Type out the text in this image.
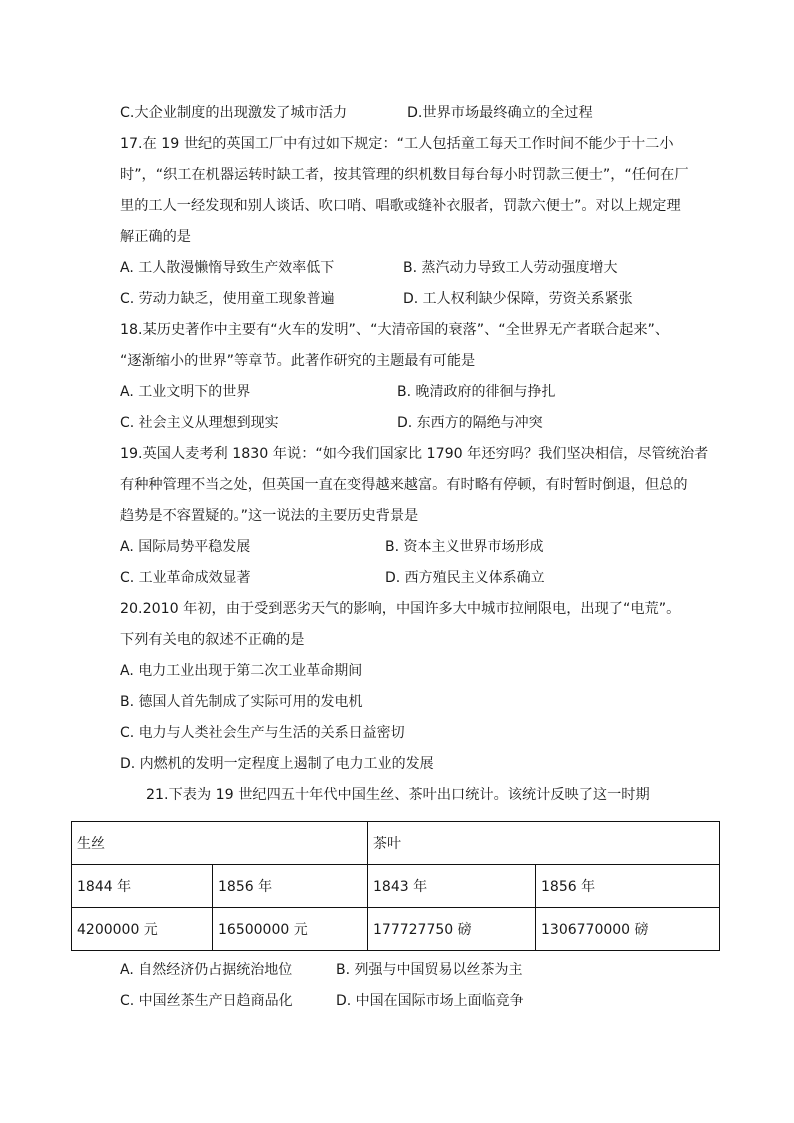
C.大企业制度的出现激发了城市活力	D.世界市场最终确立的全过程
17.在 19 世纪的英国工厂中有过如下规定：“工人包括童工每天工作时间不能少于十二小
时”，“织工在机器运转时缺工者，按其管理的织机数目每台每小时罚款三便士”，“任何在厂
里的工人一经发现和别人谈话、吹口哨、唱歌或缝补衣服者，罚款六便士”。对以上规定理
解正确的是
A. 工人散漫懒惰导致生产效率低下	B. 蒸汽动力导致工人劳动强度增大
C. 劳动力缺乏，使用童工现象普遍	D. 工人权利缺少保障，劳资关系紧张
18.某历史著作中主要有“火车的发明”、“大清帝国的衰落”、“全世界无产者联合起来”、
“逐渐缩小的世界”等章节。此著作研究的主题最有可能是
A. 工业文明下的世界	B. 晚清政府的徘徊与挣扎
C. 社会主义从理想到现实	D. 东西方的隔绝与冲突
19.英国人麦考利 1830 年说：“如今我们国家比 1790 年还穷吗？我们坚决相信，尽管统治者
有种种管理不当之处，但英国一直在变得越来越富。有时略有停顿，有时暂时倒退，但总的
趋势是不容置疑的。”这一说法的主要历史背景是
A. 国际局势平稳发展	B. 资本主义世界市场形成
C. 工业革命成效显著	D. 西方殖民主义体系确立
20.2010 年初，由于受到恶劣天气的影响，中国许多大中城市拉闸限电，出现了“电荒”。
下列有关电的叙述不正确的是
A. 电力工业出现于第二次工业革命期间
B. 德国人首先制成了实际可用的发电机
C. 电力与人类社会生产与生活的关系日益密切
D. 内燃机的发明一定程度上遏制了电力工业的发展
21.下表为 19 世纪四五十年代中国生丝、茶叶出口统计。该统计反映了这一时期
生丝		茶叶	
1844 年	1856 年	1843 年	1856 年
4200000 元	16500000 元	177727750 磅	1306770000 磅
A. 自然经济仍占据统治地位	B. 列强与中国贸易以丝茶为主
C. 中国丝茶生产日趋商品化	D. 中国在国际市场上面临竞争
